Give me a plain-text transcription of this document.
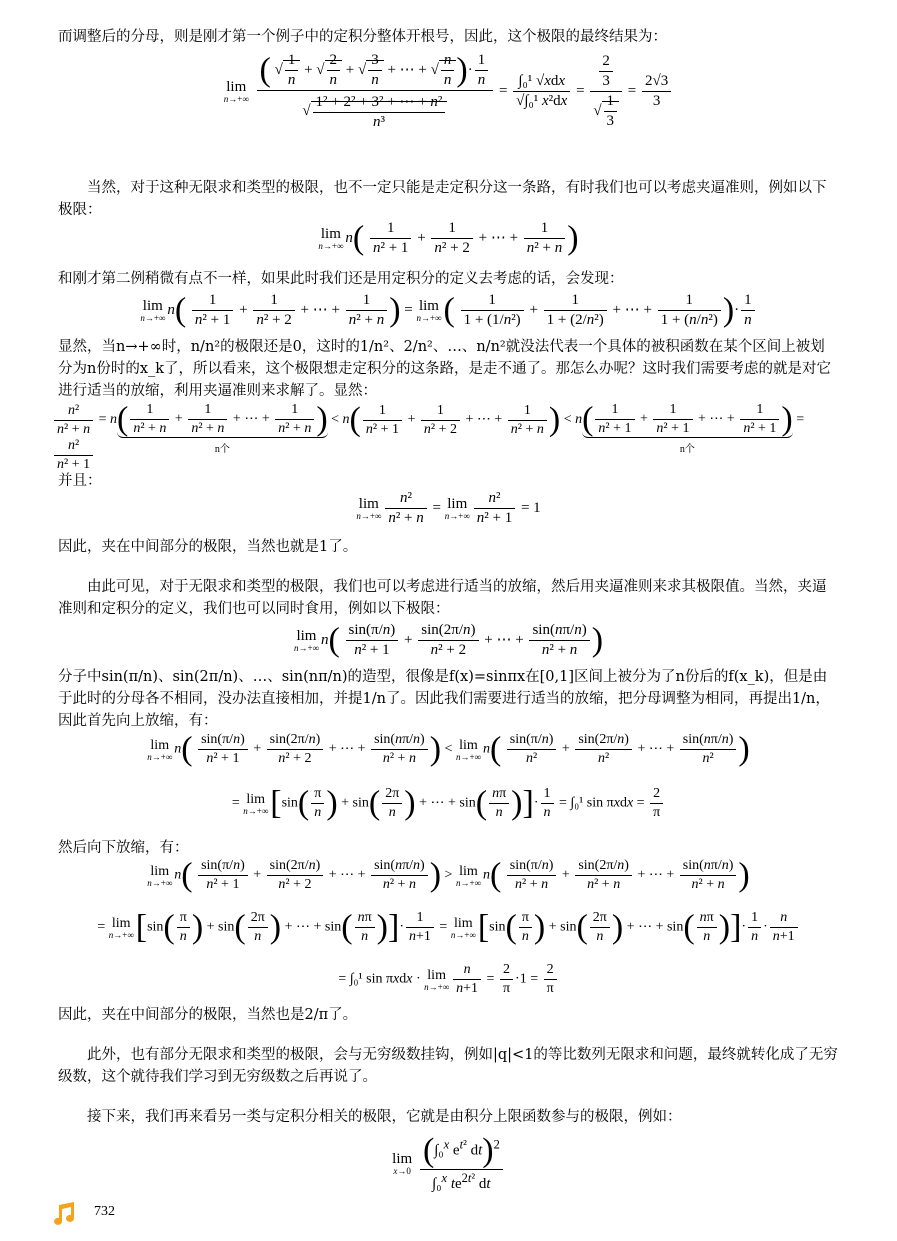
而调整后的分母，则是刚才第一个例子中的定积分整体开根号，因此，这个极限的最终结果为：
lim
n→+∞

( √ $\frac{1}{n}$ + √ $\frac{2}{n}$ + √ $\frac{3}{n}$ + ⋯ + √ $\frac{n}{n}$ )· $\frac{1}{n}$
√ $\frac{\text{1² + 2² + 3² + ⋯ + n²}}{\text{n³}}$
= $\frac{\text{∫₀¹ √xdx}}{\text{√∫₀¹ x²dx}} = \frac{\frac{2}{3}}{√ \frac{1}{3}} = \frac{2√3}{3}$
当然，对于这种无限求和类型的极限，也不一定只能是走定积分这一条路，有时我们也可以考虑夹逼准则，例如以下极限：
lim
n→+∞
$n( \frac{1}{\text{n² + 1}} + \frac{1}{\text{n² + 2}}$ + ⋯ + $\frac{1}{\text{n² + n}}$ )
和刚才第二例稍微有点不一样，如果此时我们还是用定积分的定义去考虑的话，会发现：
lim
n→+∞
$n( \frac{1}{\text{n² + 1}} + \frac{1}{\text{n² + 2}}$ + ⋯ + $\frac{1}{\text{n² + n}}$ ) = lim
n→+∞ ( $\frac{1}{\text{1 + (1/n²)}} + \frac{1}{\text{1 + (2/n²)}}$ + ⋯ + $\frac{1}{\text{1 + (n/n²)}}$ )· $\frac{1}{n}$
显然，当n→+∞时，n/n²的极限还是0，这时的1/n²、2/n²、…、n/n²就没法代表一个具体的被积函数在某个区间上被划分为n份时的x_k了，所以看来，这个极限想走定积分的这条路，是走不通了。那怎么办呢？这时我们需要考虑的就是对它进行适当的放缩，利用夹逼准则来求解了。显然：
$\frac{\text{n²}}{\text{n² + n}} = n( \frac{1}{\text{n² + n}} + \frac{1}{\text{n² + n}}$ + ⋯ + $\frac{1}{\text{n² + n}}$ )
n个
< $n( \frac{1}{\text{n² + 1}} + \frac{1}{\text{n² + 2}}$ + ⋯ + $\frac{1}{\text{n² + n}}$ ) < $n( \frac{1}{\text{n² + 1}} + \frac{1}{\text{n² + 1}}$ + ⋯ + $\frac{1}{\text{n² + 1}}$ )
n个
=
$\frac{\text{n²}}{\text{n² + 1}}$
并且：
lim
$n\to+\infty \frac{\text{n²}}{\text{n² + n}} = \lim$
$n\to+\infty \frac{\text{n²}}{\text{n² + 1}} = 1$
因此，夹在中间部分的极限，当然也就是1了。
由此可见，对于无限求和类型的极限，我们也可以考虑进行适当的放缩，然后用夹逼准则来求其极限值。当然，夹逼准则和定积分的定义，我们也可以同时食用，例如以下极限：
lim
n→+∞
$n( \frac{\sin(\pi/n)}{\text{n² + 1}} + \frac{\sin(2\pi/n)}{\text{n² + 2}}$ + ⋯ + $\frac{\sin(n\pi/n)}{\text{n² + n}}$ )
分子中sin(π/n)、sin(2π/n)、…、sin(nπ/n)的造型，很像是f(x)=sinπx在[0,1]区间上被分为了n份后的f(x_k)，但是由于此时的分母各不相同，没办法直接相加，并提1/n了。因此我们需要进行适当的放缩，把分母调整为相同，再提出1/n，因此首先向上放缩，有：
lim
n→+∞ $n( \frac{\sin(\pi/n)}{\text{n² + 1}} + \frac{\sin(2\pi/n)}{\text{n² + 2}}$ + ⋯ + $\frac{\sin(n\pi/n)}{\text{n² + n}}$ ) < lim
n→+∞ $n( \frac{\sin(\pi/n)}{\text{n²}} + \frac{\sin(2\pi/n)}{\text{n²}}$ + ⋯ + $\frac{\sin(n\pi/n)}{\text{n²}}$ )
= lim
n→+∞ [$\sin( \frac{\pi}{n}$ ) + $\sin( \frac{2\pi}{n}$ ) + ⋯ + $\sin( \frac{n\pi}{n}$ )]· $\frac{1}{n} = \int_0^1$ $\sin \pi xdx = \frac{2}{\pi}$
然后向下放缩，有：
lim
n→+∞ $n( \frac{\sin(\pi/n)}{\text{n² + 1}} + \frac{\sin(2\pi/n)}{\text{n² + 2}}$ + ⋯ + $\frac{\sin(n\pi/n)}{\text{n² + n}}$ ) > lim
n→+∞ $n( \frac{\sin(\pi/n)}{\text{n² + n}} + \frac{\sin(2\pi/n)}{\text{n² + n}}$ + ⋯ + $\frac{\sin(n\pi/n)}{\text{n² + n}}$ )
= lim
n→+∞ [$\sin( \frac{\pi}{n}$ ) + $\sin( \frac{2\pi}{n}$ ) + ⋯ + $\sin( \frac{n\pi}{n}$ )]· $\frac{1}{n+1} = \lim$
n→+∞ [$\sin( \frac{\pi}{n}$ ) + $\sin( \frac{2\pi}{n}$ ) + ⋯ + $\sin( \frac{n\pi}{n}$ )]· $\frac{1}{n} \cdot \frac{n}{n+1}$
= ∫₀¹ sin πxdx · lim
$n\to+\infty \frac{n}{n+1} = \frac{2}{\pi} \cdot 1 = \frac{2}{\pi}$
因此，夹在中间部分的极限，当然也是2/π了。
此外，也有部分无限求和类型的极限，会与无穷级数挂钩，例如|q|<1的等比数列无限求和问题，最终就转化成了无穷级数，这个就待我们学习到无穷级数之后再说了。
接下来，我们再来看另一类与定积分相关的极限，它就是由积分上限函数参与的极限，例如：
lim
x→0
$\frac{(\int_0^x e^{t^2} dt)^2}{\int_0^x te^{2t^2} dt}$
732
